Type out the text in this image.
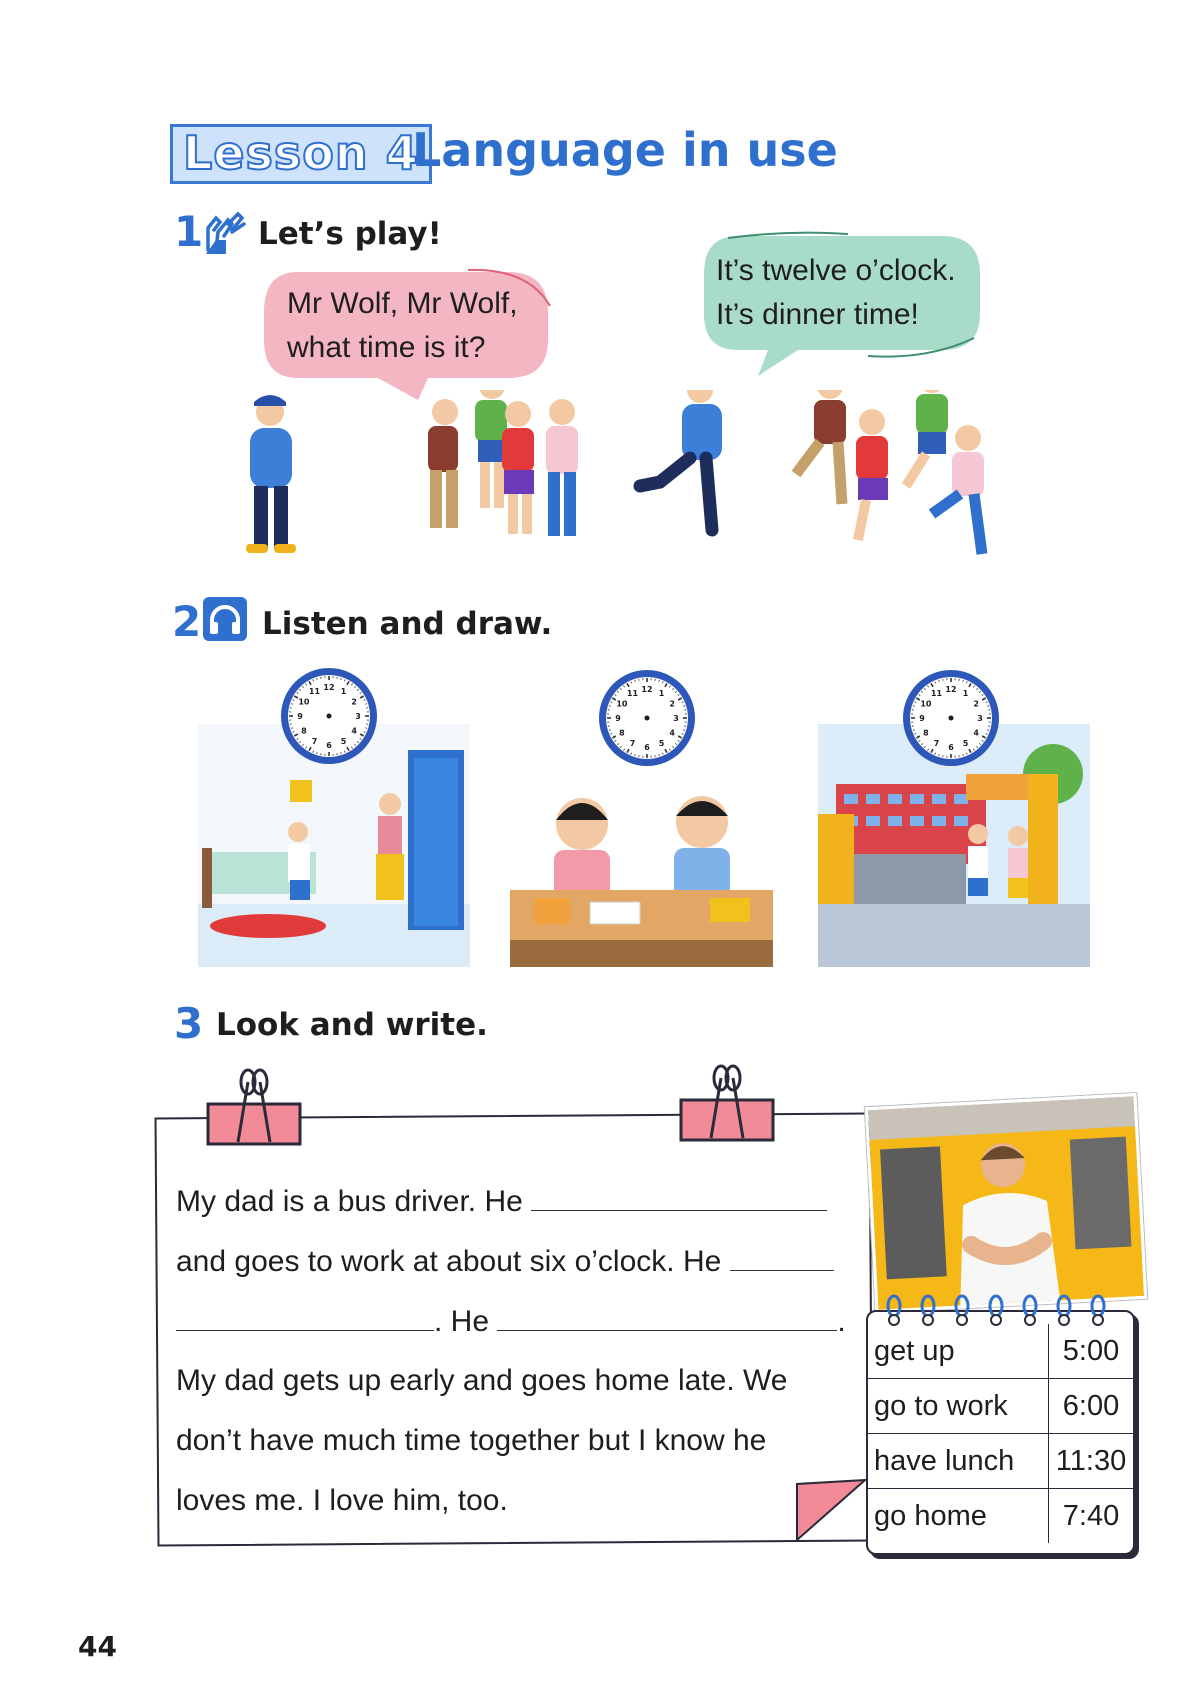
Lesson 4
Language in use
1 Let’s play!
Mr Wolf, Mr Wolf,
what time is it?
It’s twelve o’clock.
It’s dinner time!
2 Listen and draw.
12 1
2
3
4
5
6
7
8
9
10
11	12 1
2
3
4
5
6
7
8
9
10
11	12 1
2
3
4
5
6
7
8
9
10
11
3 Look and write.
My dad is a bus driver. He
and goes to work at about six o’clock. He
. He	.
My dad gets up early and goes home late. We
don’t have much time together but I know he
loves me. I love him, too.
get up	5:00
go to work	6:00
have lunch	11:30
go home	7:40
44
